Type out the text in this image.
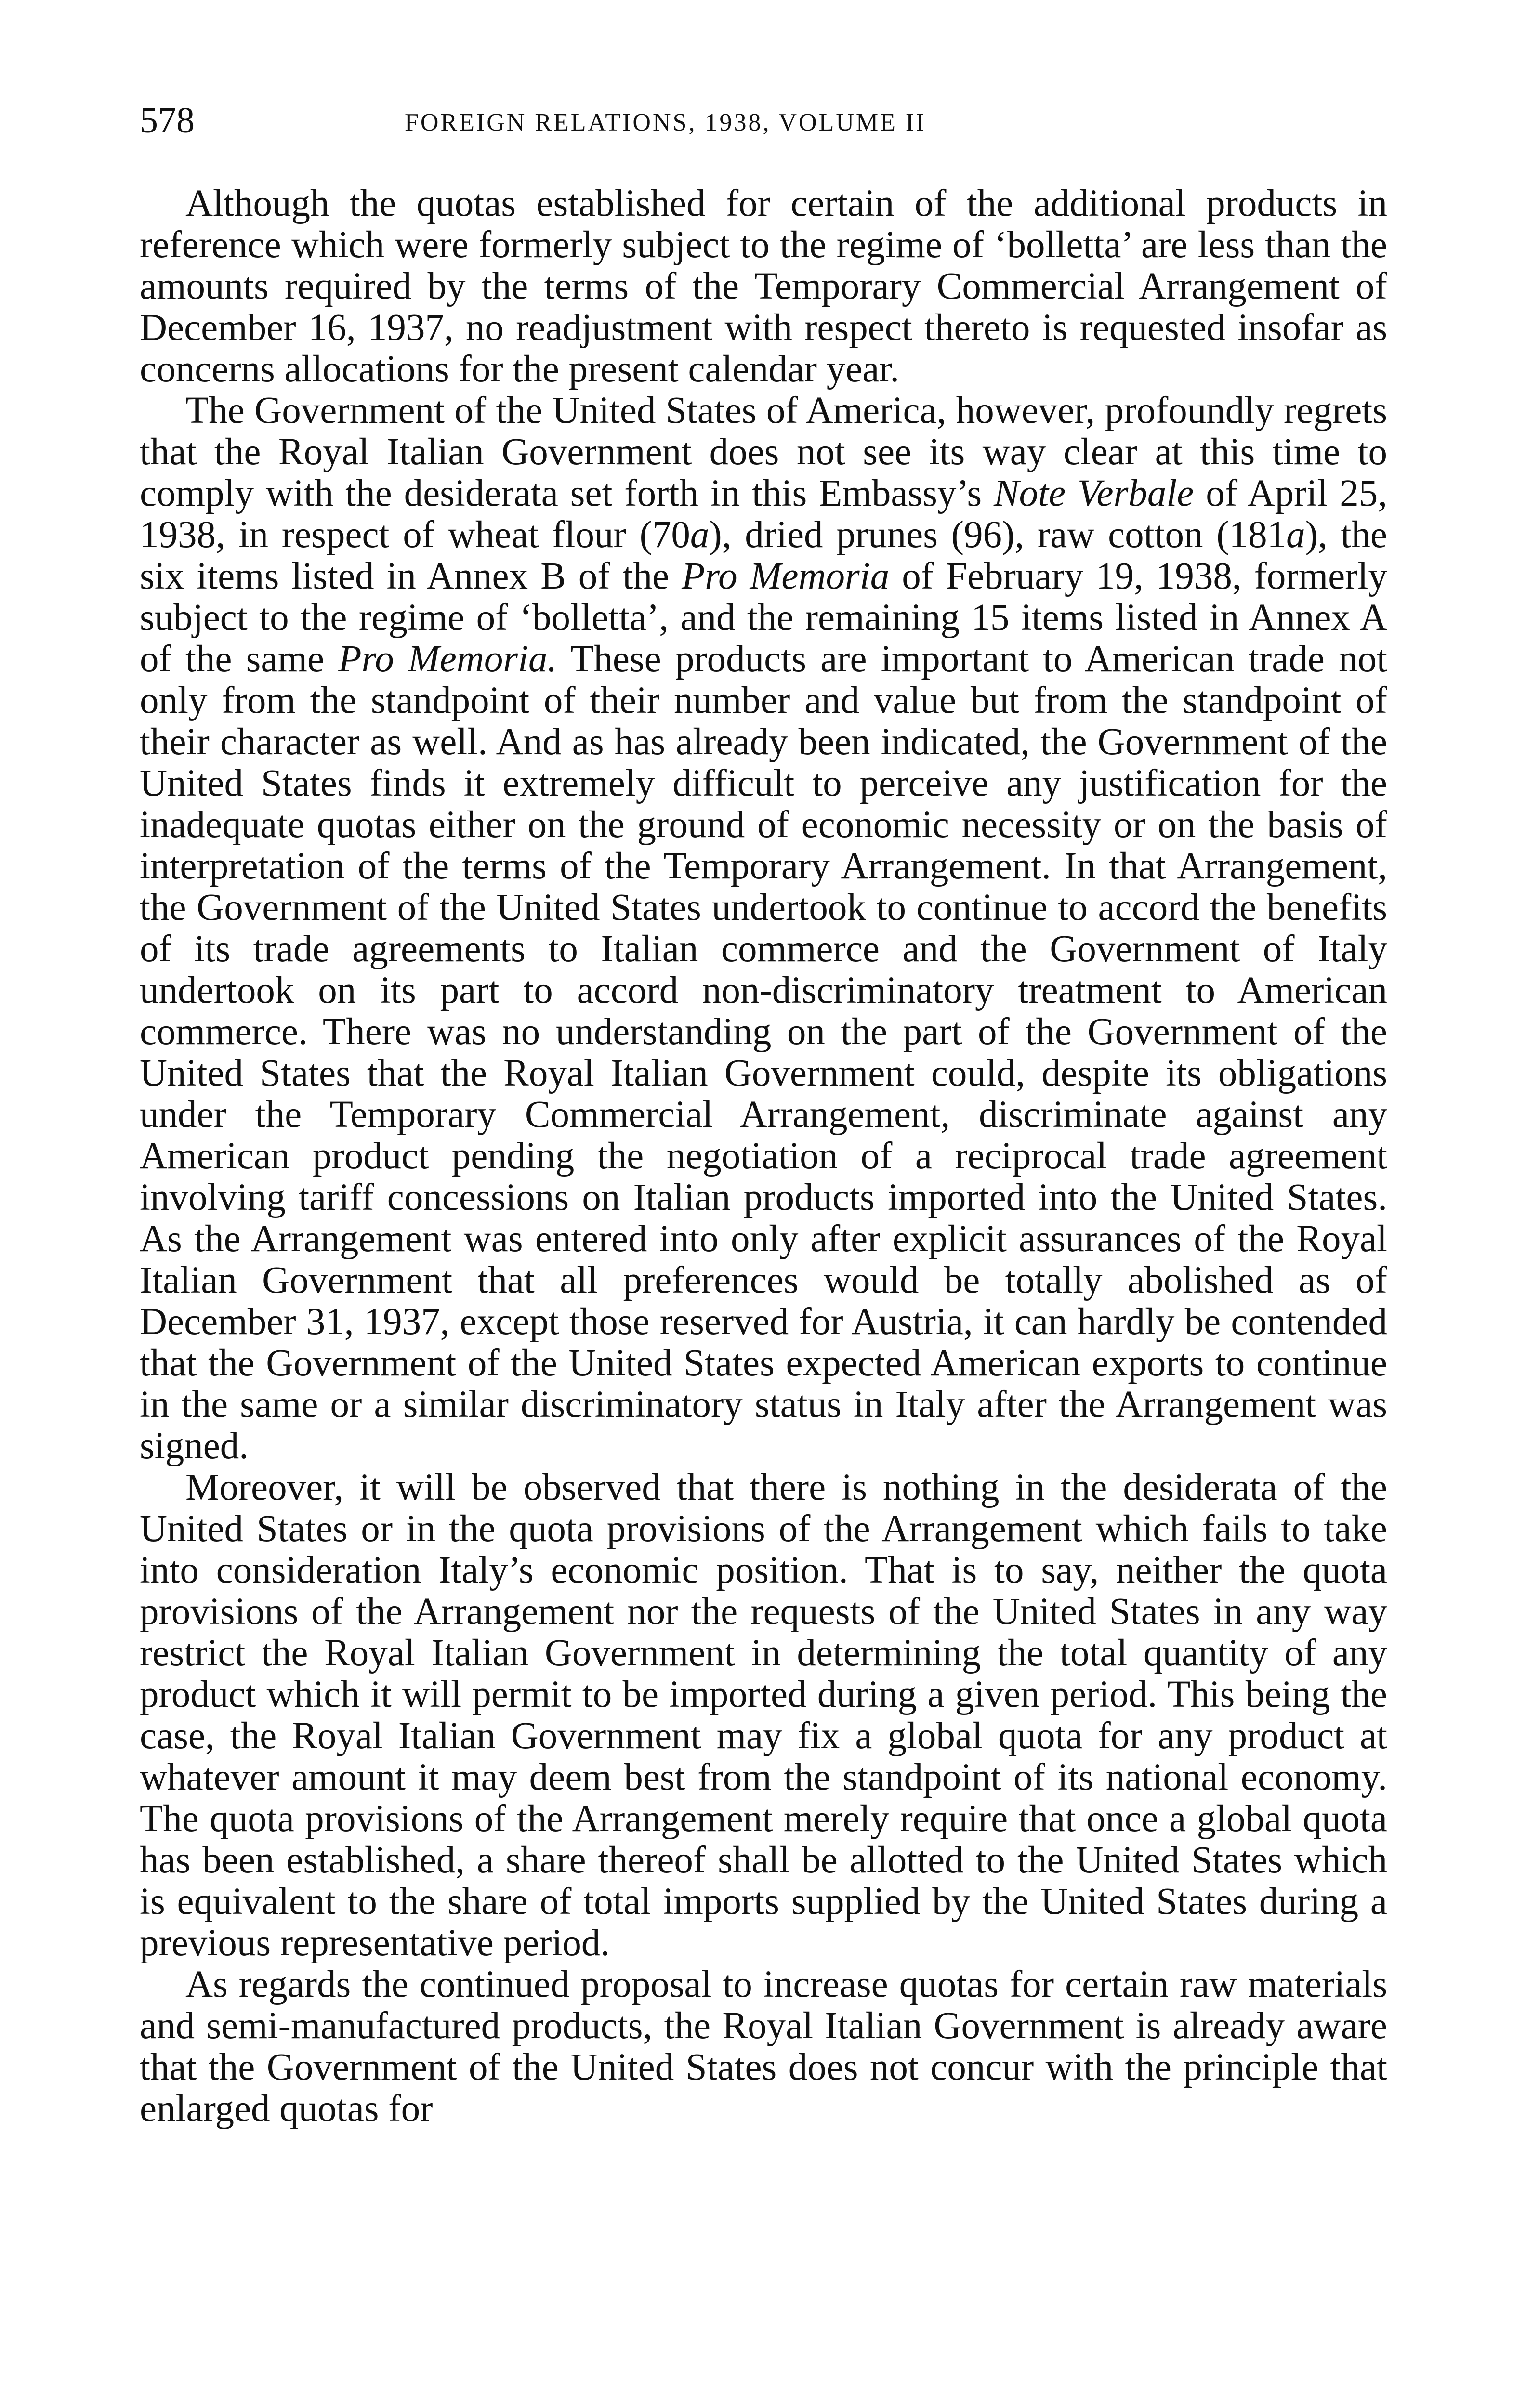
578	FOREIGN RELATIONS, 1938, VOLUME II

Although the quotas established for certain of the additional products in reference which were formerly subject to the regime of ‘bolletta’ are less than the amounts required by the terms of the Temporary Commercial Arrangement of December 16, 1937, no readjustment with respect thereto is requested insofar as concerns allocations for the present calendar year.

The Government of the United States of America, however, profoundly regrets that the Royal Italian Government does not see its way clear at this time to comply with the desiderata set forth in this Embassy’s Note Verbale of April 25, 1938, in respect of wheat flour (70a), dried prunes (96), raw cotton (181a), the six items listed in Annex B of the Pro Memoria of February 19, 1938, formerly subject to the regime of ‘bolletta’, and the remaining 15 items listed in Annex A of the same Pro Memoria. These products are important to American trade not only from the standpoint of their number and value but from the standpoint of their character as well. And as has already been indicated, the Government of the United States finds it extremely difficult to perceive any justification for the inadequate quotas either on the ground of economic necessity or on the basis of interpretation of the terms of the Temporary Arrangement. In that Arrangement, the Government of the United States undertook to continue to accord the benefits of its trade agreements to Italian commerce and the Government of Italy undertook on its part to accord non-discriminatory treatment to American commerce. There was no understanding on the part of the Government of the United States that the Royal Italian Government could, despite its obligations under the Temporary Commercial Arrangement, discriminate against any American product pending the negotiation of a reciprocal trade agreement involving tariff concessions on Italian products imported into the United States. As the Arrangement was entered into only after explicit assurances of the Royal Italian Government that all preferences would be totally abolished as of December 31, 1937, except those reserved for Austria, it can hardly be contended that the Government of the United States expected American exports to continue in the same or a similar discriminatory status in Italy after the Arrangement was signed.

Moreover, it will be observed that there is nothing in the desiderata of the United States or in the quota provisions of the Arrangement which fails to take into consideration Italy’s economic position. That is to say, neither the quota provisions of the Arrangement nor the requests of the United States in any way restrict the Royal Italian Government in determining the total quantity of any product which it will permit to be imported during a given period. This being the case, the Royal Italian Government may fix a global quota for any product at whatever amount it may deem best from the standpoint of its national economy. The quota provisions of the Arrangement merely require that once a global quota has been established, a share thereof shall be allotted to the United States which is equivalent to the share of total imports supplied by the United States during a previous representative period.

As regards the continued proposal to increase quotas for certain raw materials and semi-manufactured products, the Royal Italian Government is already aware that the Government of the United States does not concur with the principle that enlarged quotas for
